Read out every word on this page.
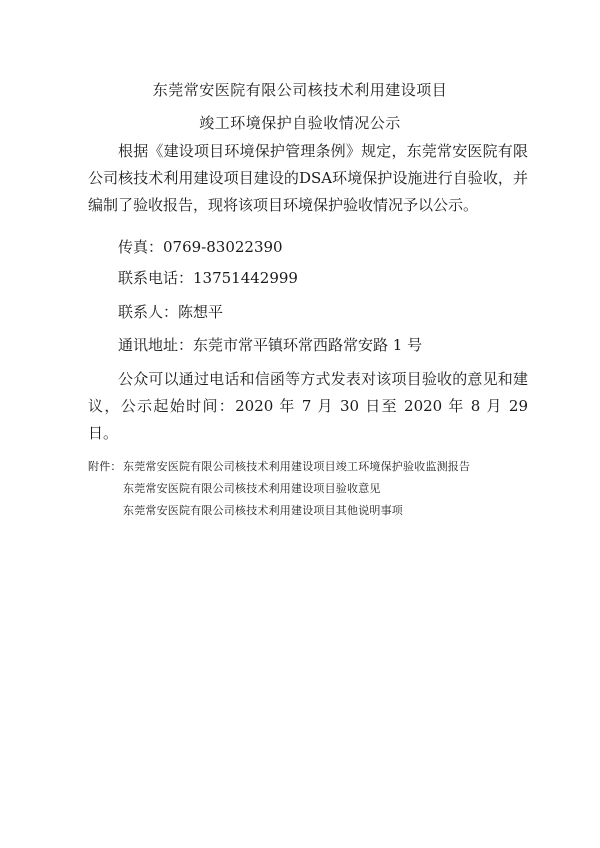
东莞常安医院有限公司核技术利用建设项目
竣工环境保护自验收情况公示
根据《建设项目环境保护管理条例》规定，东莞常安医院有限公司核技术利用建设项目建设的DSA环境保护设施进行自验收，并编制了验收报告，现将该项目环境保护验收情况予以公示。
传真：0769-83022390
联系电话：13751442999
联系人：陈想平
通讯地址：东莞市常平镇环常西路常安路 1 号
公众可以通过电话和信函等方式发表对该项目验收的意见和建议，公示起始时间：2020 年 7 月 30 日至 2020 年 8 月 29 日。
附件： 东莞常安医院有限公司核技术利用建设项目竣工环境保护验收监测报告
东莞常安医院有限公司核技术利用建设项目验收意见
东莞常安医院有限公司核技术利用建设项目其他说明事项
